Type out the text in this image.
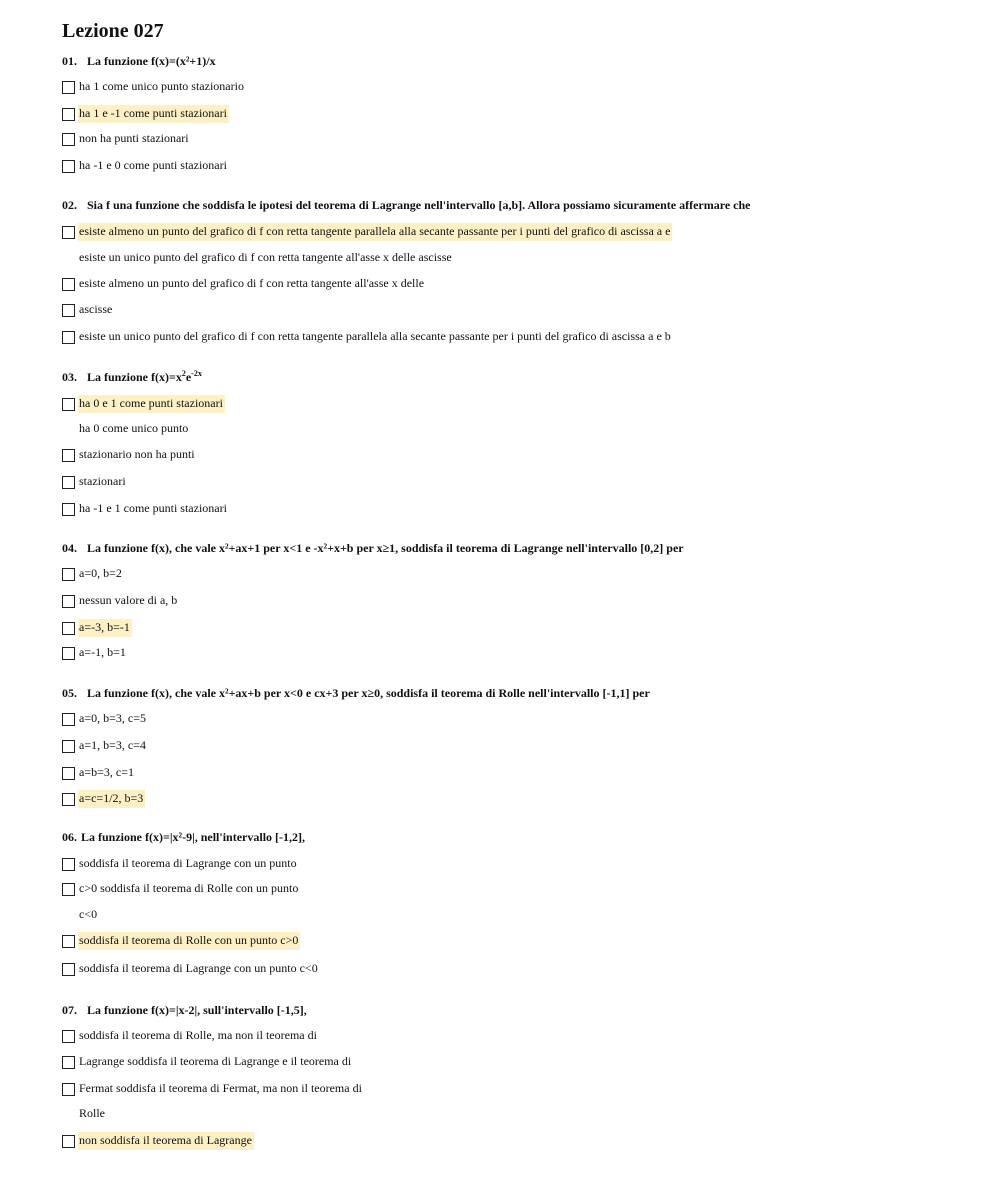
Lezione 027
01. La funzione f(x)=(x²+1)/x
ha 1 come unico punto stazionario
ha 1 e -1 come punti stazionari
non ha punti stazionari
ha -1 e 0 come punti stazionari
02. Sia f una funzione che soddisfa le ipotesi del teorema di Lagrange nell'intervallo [a,b]. Allora possiamo sicuramente affermare che
esiste almeno un punto del grafico di f con retta tangente parallela alla secante passante per i punti del grafico di ascissa a e
esiste un unico punto del grafico di f con retta tangente all'asse x delle ascisse
esiste almeno un punto del grafico di f con retta tangente all'asse x delle
ascisse
esiste un unico punto del grafico di f con retta tangente parallela alla secante passante per i punti del grafico di ascissa a e b
03. La funzione $f(x)=x^2e^{-2x}$
ha 0 e 1 come punti stazionari
ha 0 come unico punto
stazionario non ha punti
stazionari
ha -1 e 1 come punti stazionari
04. La funzione f(x), che vale x²+ax+1 per x<1 e -x²+x+b per x≥1, soddisfa il teorema di Lagrange nell'intervallo [0,2] per
a=0, b=2
nessun valore di a, b
a=-3, b=-1
a=-1, b=1
05. La funzione f(x), che vale x²+ax+b per x<0 e cx+3 per x≥0, soddisfa il teorema di Rolle nell'intervallo [-1,1] per
a=0, b=3, c=5
a=1, b=3, c=4
a=b=3, c=1
a=c=1/2, b=3
06. La funzione f(x)=|x²-9|, nell'intervallo [-1,2],
soddisfa il teorema di Lagrange con un punto
c>0 soddisfa il teorema di Rolle con un punto
c<0
soddisfa il teorema di Rolle con un punto c>0
soddisfa il teorema di Lagrange con un punto c<0
07. La funzione f(x)=|x-2|, sull'intervallo [-1,5],
soddisfa il teorema di Rolle, ma non il teorema di
Lagrange soddisfa il teorema di Lagrange e il teorema di
Fermat soddisfa il teorema di Fermat, ma non il teorema di
Rolle
non soddisfa il teorema di Lagrange
